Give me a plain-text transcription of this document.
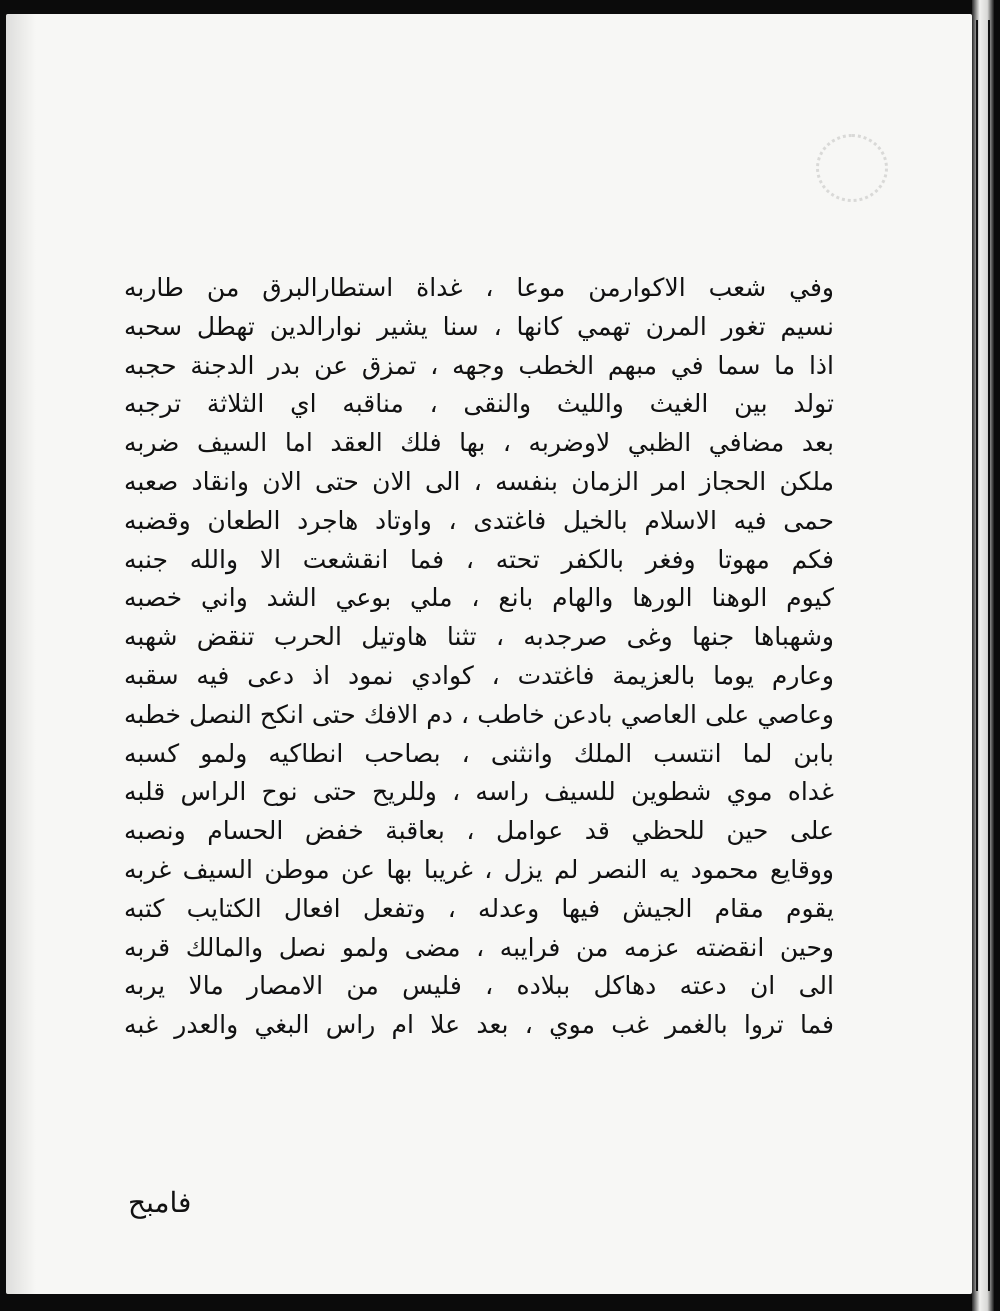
وفي شعب الاكوارمن موعا ، غداة استطارالبرق من طاربه
نسيم تغور المرن تهمي كانها ، سنا يشير نوارالدين تهطل سحبه
اذا ما سما في مبهم الخطب وجهه ، تمزق عن بدر الدجنة حجبه
تولد بين الغيث والليث والنقى ، مناقبه اي الثلاثة ترجبه
بعد مضافي الظبي لاوضربه ، بها فلك العقد اما السيف ضربه
ملكن الحجاز امر الزمان بنفسه ، الى الان حتى الان وانقاد صعبه
حمى فيه الاسلام بالخيل فاغتدى ، واوتاد هاجرد الطعان وقضبه
فكم مهوتا وفغر بالكفر تحته ، فما انقشعت الا والله جنبه
كيوم الوهنا الورها والهام بانع ، ملي بوعي الشد واني خصبه
وشهباها جنها وغى صرجدبه ، تثنا هاوتيل الحرب تنقض شهبه
وعارم يوما بالعزيمة فاغتدت ، كوادي نمود اذ دعى فيه سقبه
وعاصي على العاصي بادعن خاطب ، دم الافك حتى انكح النصل خطبه
بابن لما انتسب الملك وانثنى ، بصاحب انطاكيه ولمو كسبه
غداه موي شطوين للسيف راسه ، وللريح حتى نوح الراس قلبه
على حين للحظي قد عوامل ، بعاقبة خفض الحسام ونصبه
ووقايع محمود يه النصر لم يزل ، غريبا بها عن موطن السيف غربه
يقوم مقام الجيش فيها وعدله ، وتفعل افعال الكتايب كتبه
وحين انقضته عزمه من فرايبه ، مضى ولمو نصل والمالك قربه
الى ان دعته دهاكل ببلاده ، فليس من الامصار مالا يربه
فما تروا بالغمر غب موي ، بعد علا ام راس البغي والعدر غبه
فامبح
